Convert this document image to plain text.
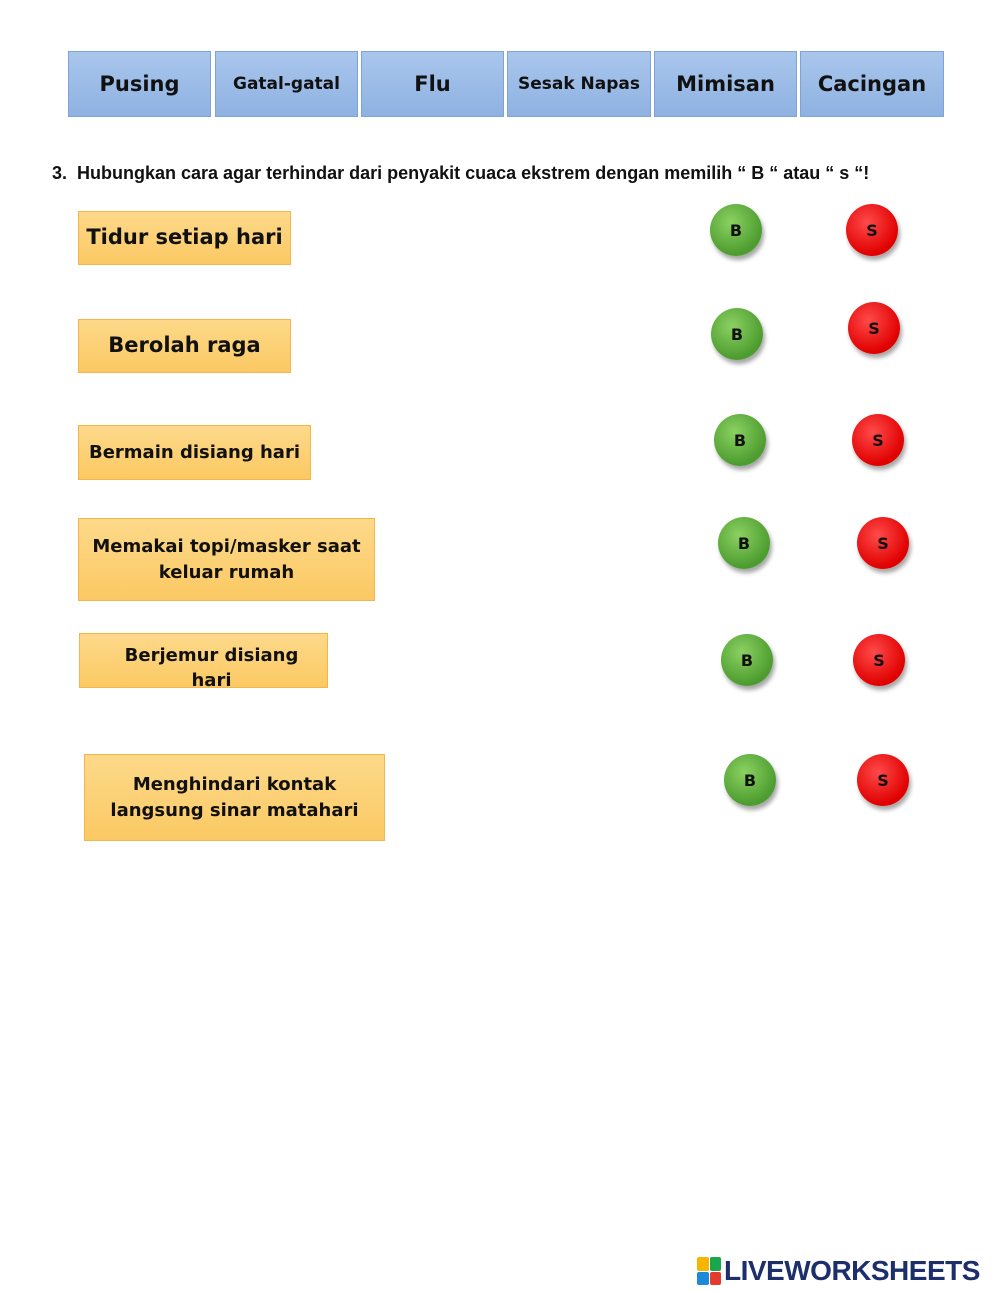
Pusing	Gatal-gatal	Flu	Sesak Napas Mimisan Cacingan
3. Hubungkan cara agar terhindar dari penyakit cuaca ekstrem dengan memilih “ B “ atau “ s “!
Tidur setiap hari	B	S
Berolah raga	B	S
Bermain disiang hari
B	S
Memakai topi/masker saat
keluar rumah
B	S
Berjemur disiang hari
B	S
Menghindari kontak
langsung sinar matahari
B	S
LIVEWORKSHEETS
